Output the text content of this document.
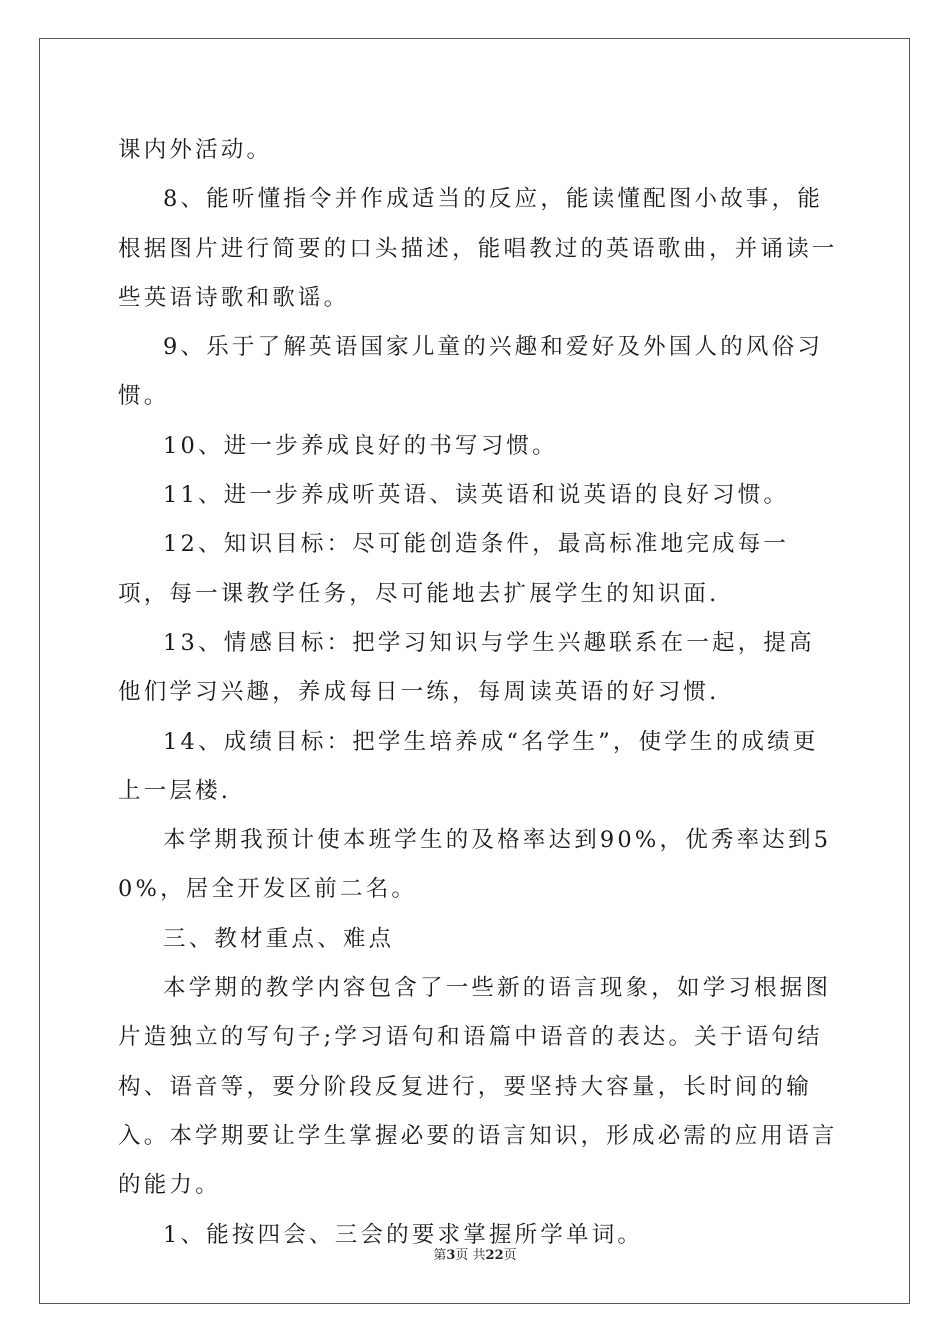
课内外活动。

8、能听懂指令并作成适当的反应，能读懂配图小故事，能根据图片进行简要的口头描述，能唱教过的英语歌曲，并诵读一些英语诗歌和歌谣。

9、乐于了解英语国家儿童的兴趣和爱好及外国人的风俗习惯。

10、进一步养成良好的书写习惯。

11、进一步养成听英语、读英语和说英语的良好习惯。

12、知识目标：尽可能创造条件，最高标准地完成每一项，每一课教学任务，尽可能地去扩展学生的知识面.

13、情感目标：把学习知识与学生兴趣联系在一起，提高他们学习兴趣，养成每日一练，每周读英语的好习惯.

14、成绩目标：把学生培养成“名学生”，使学生的成绩更上一层楼.

本学期我预计使本班学生的及格率达到90%，优秀率达到50%，居全开发区前二名。

三、教材重点、难点

本学期的教学内容包含了一些新的语言现象，如学习根据图片造独立的写句子;学习语句和语篇中语音的表达。关于语句结构、语音等，要分阶段反复进行，要坚持大容量，长时间的输入。本学期要让学生掌握必要的语言知识，形成必需的应用语言的能力。

1、能按四会、三会的要求掌握所学单词。

第3页 共22页
